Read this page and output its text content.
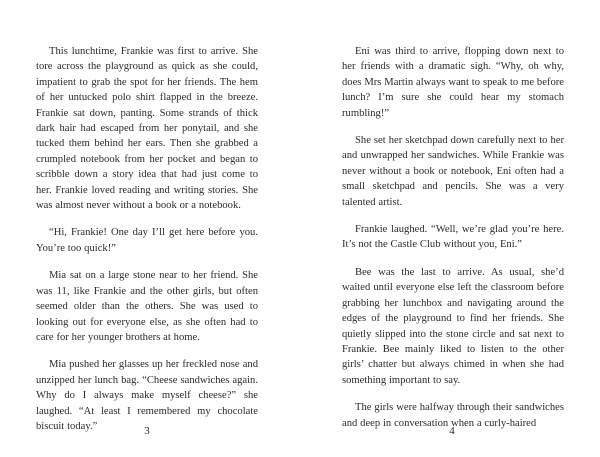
This lunchtime, Frankie was first to arrive. She tore across the playground as quick as she could, impatient to grab the spot for her friends. The hem of her untucked polo shirt flapped in the breeze. Frankie sat down, panting. Some strands of thick dark hair had escaped from her ponytail, and she tucked them behind her ears. Then she grabbed a crumpled notebook from her pocket and began to scribble down a story idea that had just come to her. Frankie loved reading and writing stories. She was almost never without a book or a notebook.

“Hi, Frankie! One day I’ll get here before you. You’re too quick!”

Mia sat on a large stone near to her friend. She was 11, like Frankie and the other girls, but often seemed older than the others. She was used to looking out for everyone else, as she often had to care for her younger brothers at home.

Mia pushed her glasses up her freckled nose and unzipped her lunch bag. “Cheese sandwiches again. Why do I always make myself cheese?” she laughed. “At least I remembered my chocolate biscuit today.”

Eni was third to arrive, flopping down next to her friends with a dramatic sigh. “Why, oh why, does Mrs Martin always want to speak to me before lunch? I’m sure she could hear my stomach rumbling!”

She set her sketchpad down carefully next to her and unwrapped her sandwiches. While Frankie was never without a book or notebook, Eni often had a small sketchpad and pencils. She was a very talented artist.

Frankie laughed. “Well, we’re glad you’re here. It’s not the Castle Club without you, Eni.”

Bee was the last to arrive. As usual, she’d waited until everyone else left the classroom before grabbing her lunchbox and navigating around the edges of the playground to find her friends. She quietly slipped into the stone circle and sat next to Frankie. Bee mainly liked to listen to the other girls’ chatter but always chimed in when she had something important to say.

The girls were halfway through their sandwiches and deep in conversation when a curly-haired

3	4
